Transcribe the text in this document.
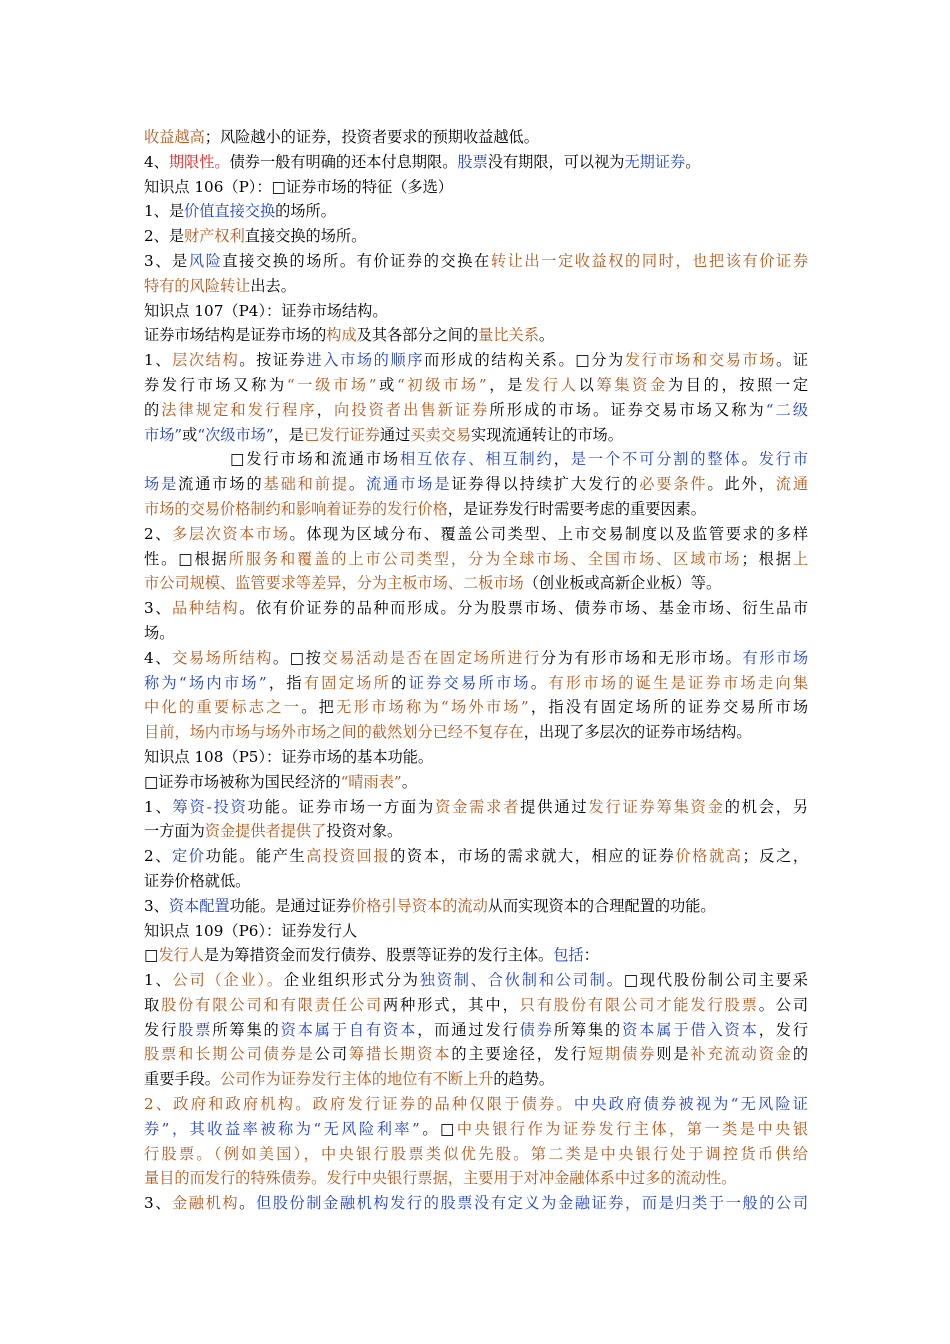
收益越高；风险越小的证券，投资者要求的预期收益越低。

4、期限性。债券一般有明确的还本付息期限。股票没有期限，可以视为无期证券。

知识点 106（P）：□证券市场的特征（多选）

1、是价值直接交换的场所。

2、是财产权利直接交换的场所。

3、是风险直接交换的场所。有价证券的交换在转让出一定收益权的同时，也把该有价证券

特有的风险转让出去。

知识点 107（P4）：证券市场结构。

证券市场结构是证券市场的构成及其各部分之间的量比关系。

1、层次结构。按证券进入市场的顺序而形成的结构关系。□分为发行市场和交易市场。证

券发行市场又称为“一级市场”或“初级市场”，是发行人以筹集资金为目的，按照一定

的法律规定和发行程序，向投资者出售新证券所形成的市场。证券交易市场又称为“二级

市场”或“次级市场”，是已发行证券通过买卖交易实现流通转让的市场。

□发行市场和流通市场相互依存、相互制约，是一个不可分割的整体。发行市

场是流通市场的基础和前提。流通市场是证券得以持续扩大发行的必要条件。此外，流通

市场的交易价格制约和影响着证券的发行价格，是证券发行时需要考虑的重要因素。

2、多层次资本市场。体现为区域分布、覆盖公司类型、上市交易制度以及监管要求的多样

性。□根据所服务和覆盖的上市公司类型，分为全球市场、全国市场、区域市场；根据上

市公司规模、监管要求等差异，分为主板市场、二板市场（创业板或高新企业板）等。

3、品种结构。依有价证券的品种而形成。分为股票市场、债券市场、基金市场、衍生品市

场。

4、交易场所结构。□按交易活动是否在固定场所进行分为有形市场和无形市场。有形市场

称为“场内市场”，指有固定场所的证券交易所市场。有形市场的诞生是证券市场走向集

中化的重要标志之一。把无形市场称为“场外市场”，指没有固定场所的证券交易所市场

目前，场内市场与场外市场之间的截然划分已经不复存在，出现了多层次的证券市场结构。

知识点 108（P5）：证券市场的基本功能。

□证券市场被称为国民经济的“晴雨表”。

1、筹资-投资功能。证券市场一方面为资金需求者提供通过发行证券筹集资金的机会，另

一方面为资金提供者提供了投资对象。

2、定价功能。能产生高投资回报的资本，市场的需求就大，相应的证券价格就高；反之，

证券价格就低。

3、资本配置功能。是通过证券价格引导资本的流动从而实现资本的合理配置的功能。

知识点 109（P6）：证券发行人

□发行人是为筹措资金而发行债券、股票等证券的发行主体。包括：

1、公司（企业）。企业组织形式分为独资制、合伙制和公司制。□现代股份制公司主要采

取股份有限公司和有限责任公司两种形式，其中，只有股份有限公司才能发行股票。公司

发行股票所筹集的资本属于自有资本，而通过发行债券所筹集的资本属于借入资本，发行

股票和长期公司债券是公司筹措长期资本的主要途径，发行短期债券则是补充流动资金的

重要手段。公司作为证券发行主体的地位有不断上升的趋势。

2、政府和政府机构。政府发行证券的品种仅限于债券。中央政府债券被视为“无风险证

券”，其收益率被称为“无风险利率”。□中央银行作为证券发行主体，第一类是中央银

行股票。（例如美国），中央银行股票类似优先股。第二类是中央银行处于调控货币供给

量目的而发行的特殊债券。发行中央银行票据，主要用于对冲金融体系中过多的流动性。

3、金融机构。但股份制金融机构发行的股票没有定义为金融证券，而是归类于一般的公司
